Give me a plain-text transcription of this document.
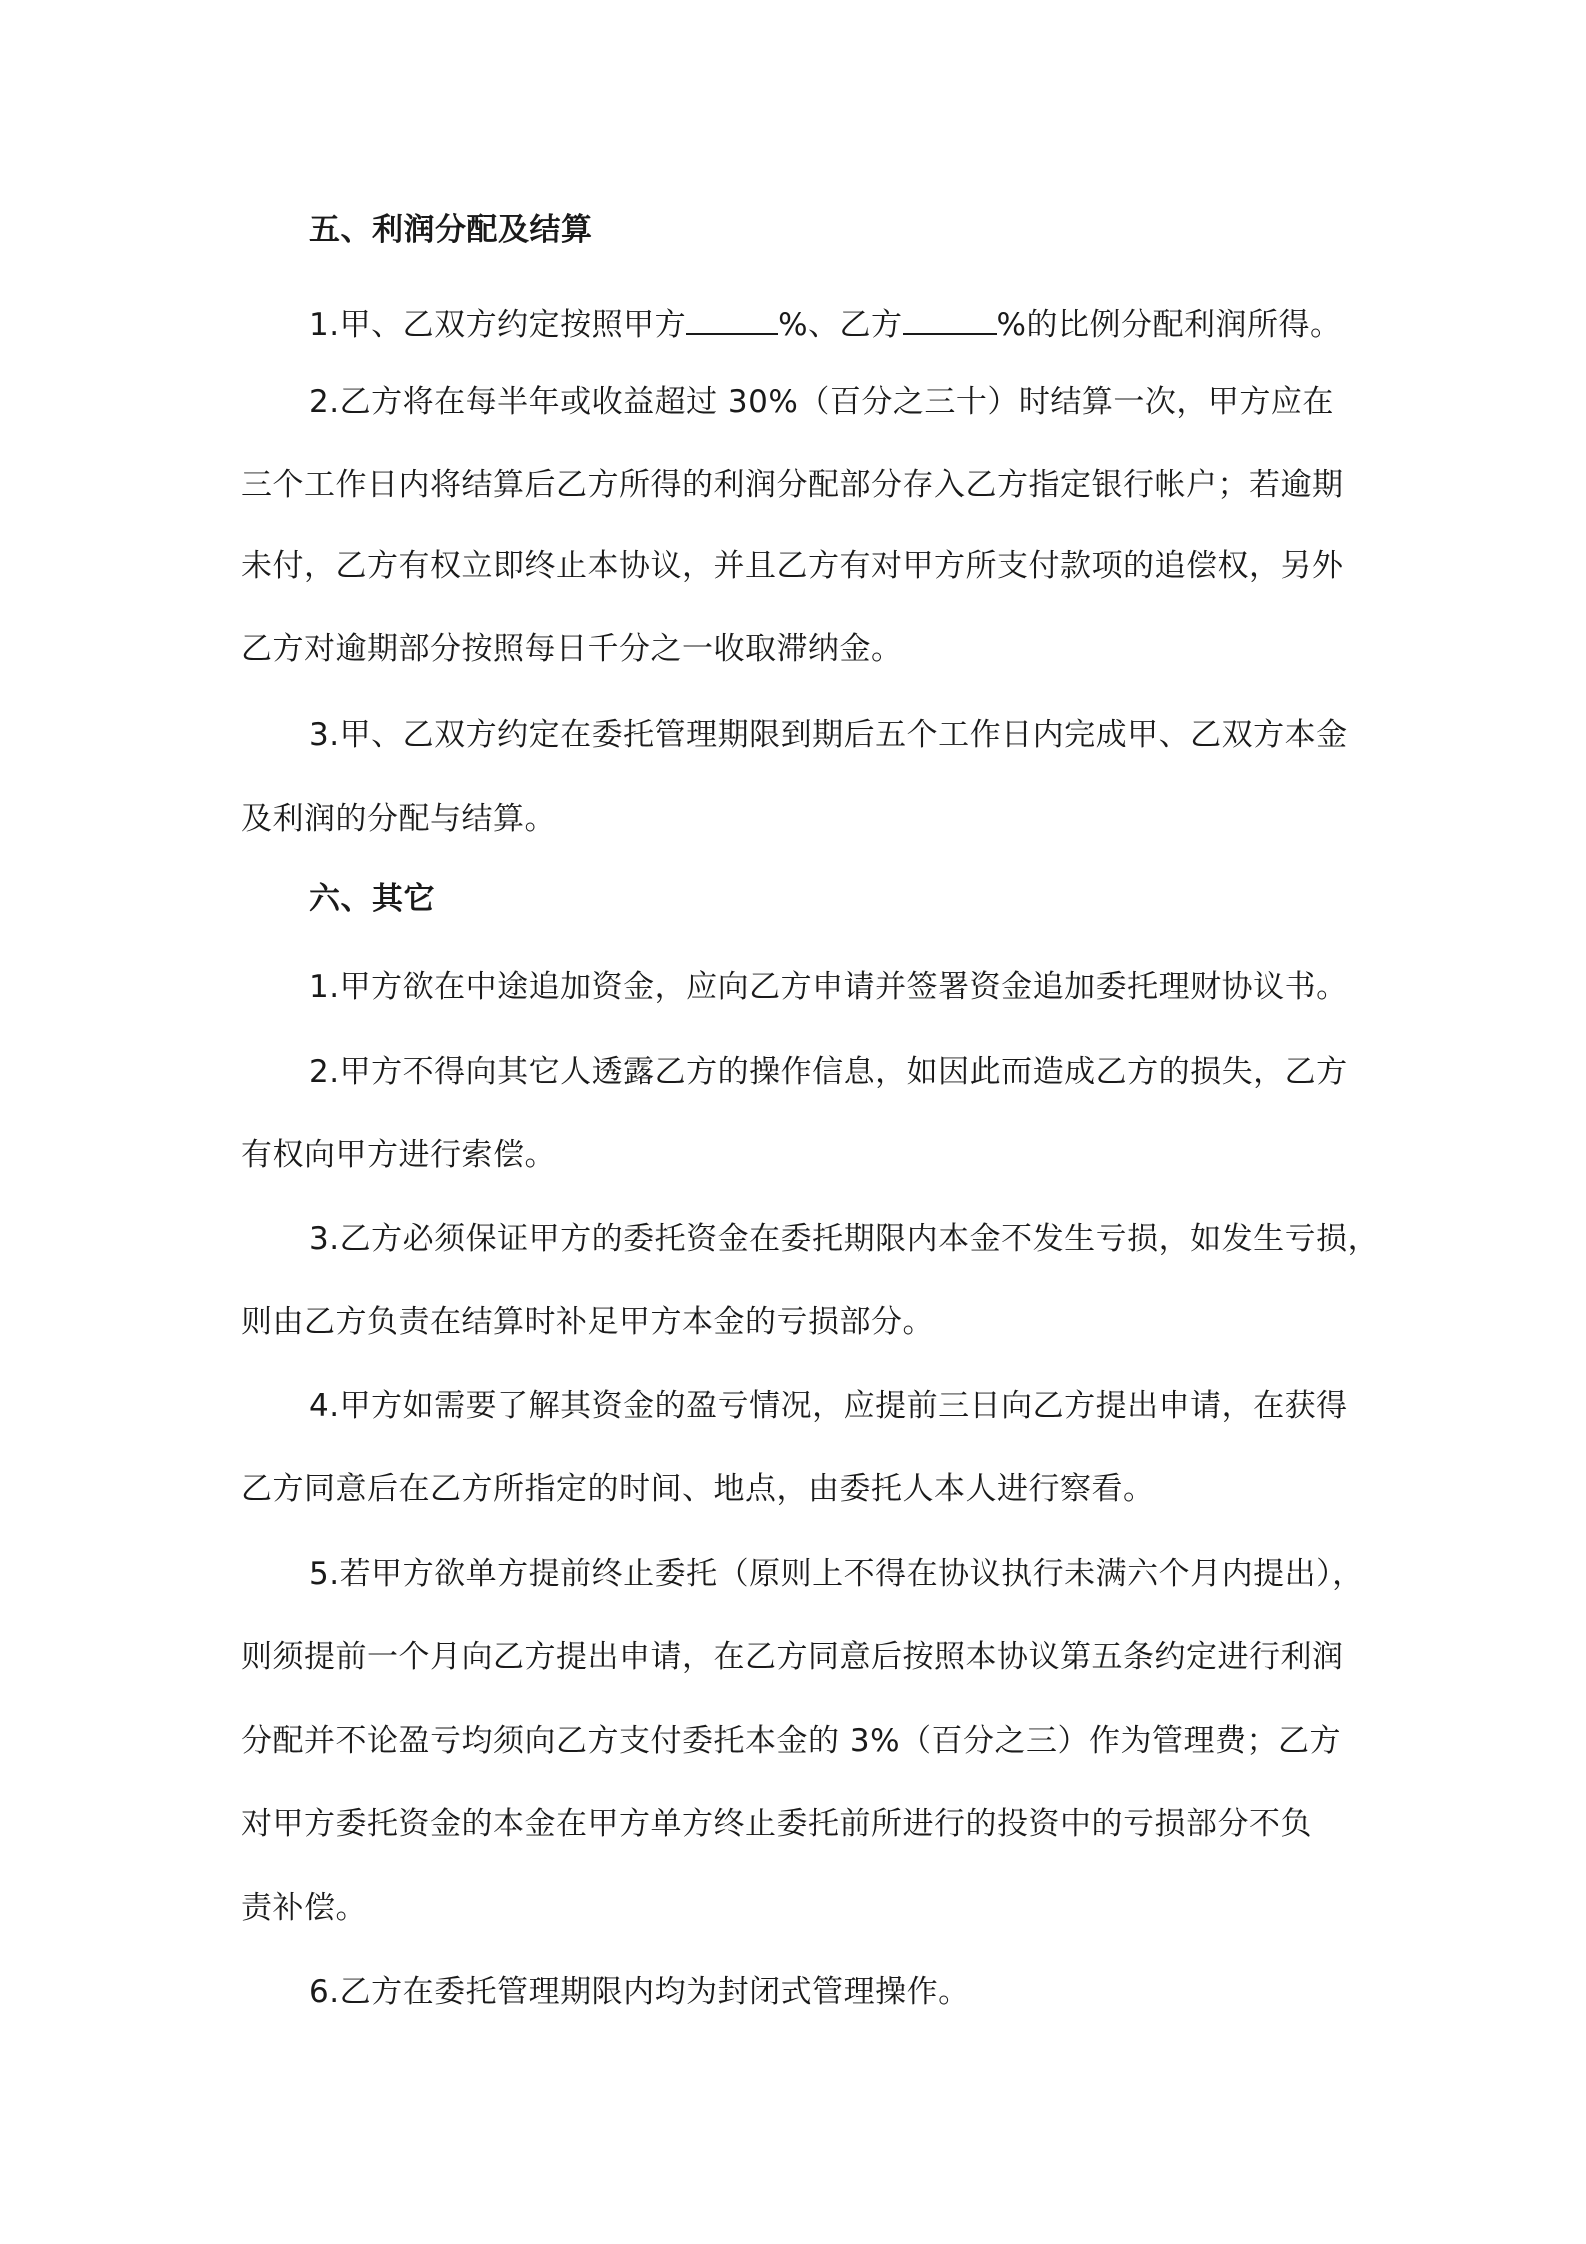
五、利润分配及结算
1.甲、乙双方约定按照甲方	%、乙方	%的比例分配利润所得。
2.乙方将在每半年或收益超过 30%（百分之三十）时结算一次，甲方应在
三个工作日内将结算后乙方所得的利润分配部分存入乙方指定银行帐户；若逾期
未付，乙方有权立即终止本协议，并且乙方有对甲方所支付款项的追偿权，另外
乙方对逾期部分按照每日千分之一收取滞纳金。
3.甲、乙双方约定在委托管理期限到期后五个工作日内完成甲、乙双方本金
及利润的分配与结算。
六、其它
1.甲方欲在中途追加资金，应向乙方申请并签署资金追加委托理财协议书。
2.甲方不得向其它人透露乙方的操作信息，如因此而造成乙方的损失，乙方
有权向甲方进行索偿。
3.乙方必须保证甲方的委托资金在委托期限内本金不发生亏损，如发生亏损，
则由乙方负责在结算时补足甲方本金的亏损部分。
4.甲方如需要了解其资金的盈亏情况，应提前三日向乙方提出申请，在获得
乙方同意后在乙方所指定的时间、地点，由委托人本人进行察看。
5.若甲方欲单方提前终止委托（原则上不得在协议执行未满六个月内提出），
则须提前一个月向乙方提出申请，在乙方同意后按照本协议第五条约定进行利润
分配并不论盈亏均须向乙方支付委托本金的 3%（百分之三）作为管理费；乙方
对甲方委托资金的本金在甲方单方终止委托前所进行的投资中的亏损部分不负
责补偿。
6.乙方在委托管理期限内均为封闭式管理操作。
